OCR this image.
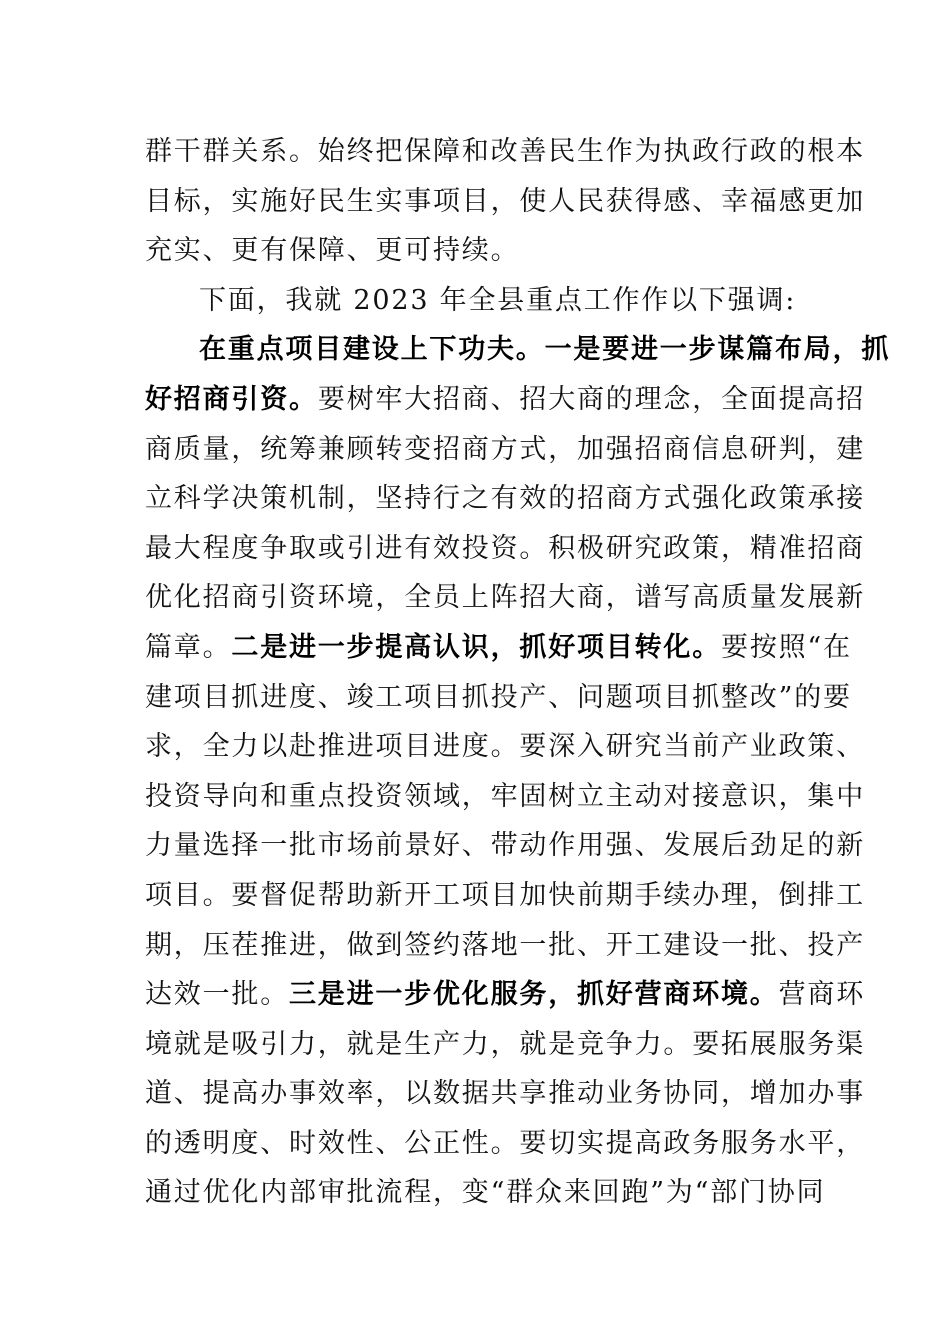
群干群关系。始终把保障和改善民生作为执政行政的根本
目标，实施好民生实事项目，使人民获得感、幸福感更加
充实、更有保障、更可持续。
下面，我就 2023 年全县重点工作作以下强调:
在重点项目建设上下功夫。一是要进一步谋篇布局，抓
好招商引资。要树牢大招商、招大商的理念，全面提高招
商质量，统筹兼顾转变招商方式，加强招商信息研判，建
立科学决策机制，坚持行之有效的招商方式强化政策承接
最大程度争取或引进有效投资。积极研究政策，精准招商
优化招商引资环境，全员上阵招大商，谱写高质量发展新
篇章。二是进一步提高认识，抓好项目转化。要按照“在
建项目抓进度、竣工项目抓投产、问题项目抓整改”的要
求，全力以赴推进项目进度。要深入研究当前产业政策、
投资导向和重点投资领域，牢固树立主动对接意识，集中
力量选择一批市场前景好、带动作用强、发展后劲足的新
项目。要督促帮助新开工项目加快前期手续办理，倒排工
期，压茬推进，做到签约落地一批、开工建设一批、投产
达效一批。三是进一步优化服务，抓好营商环境。营商环
境就是吸引力，就是生产力，就是竞争力。要拓展服务渠
道、提高办事效率，以数据共享推动业务协同，增加办事
的透明度、时效性、公正性。要切实提高政务服务水平，
通过优化内部审批流程，变“群众来回跑”为“部门协同
